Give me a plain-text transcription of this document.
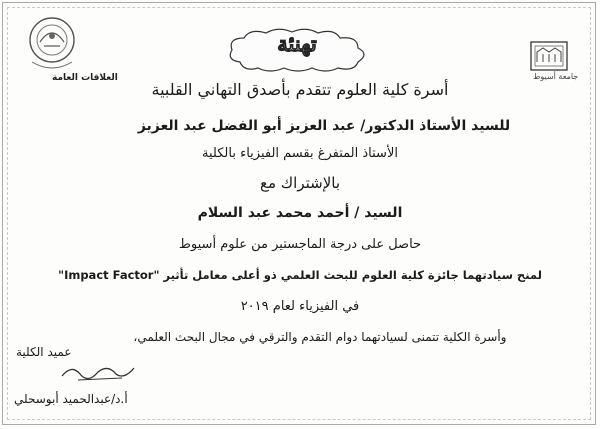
العلاقات العامة	جامعة أسيوط
تهنئة
أسرة كلية العلوم تتقدم بأصدق التهاني القلبية
للسيد الأستاذ الدكتور/ عبد العزيز أبو الفضل عبد العزيز
الأستاذ المتفرغ بقسم الفيزياء بالكلية
بالإشتراك مع
السيد / أحمد محمد عبد السلام
حاصل على درجة الماجستير من علوم أسيوط
لمنح سيادتهما جائزة كلية العلوم للبحث العلمي ذو أعلى معامل تأثير "Impact Factor"
في الفيزياء لعام ٢٠١٩
وأسرة الكلية تتمنى لسيادتهما دوام التقدم والترقي في مجال البحث العلمي،
عميد الكلية
أ.د/عبدالحميد أبوسحلي
